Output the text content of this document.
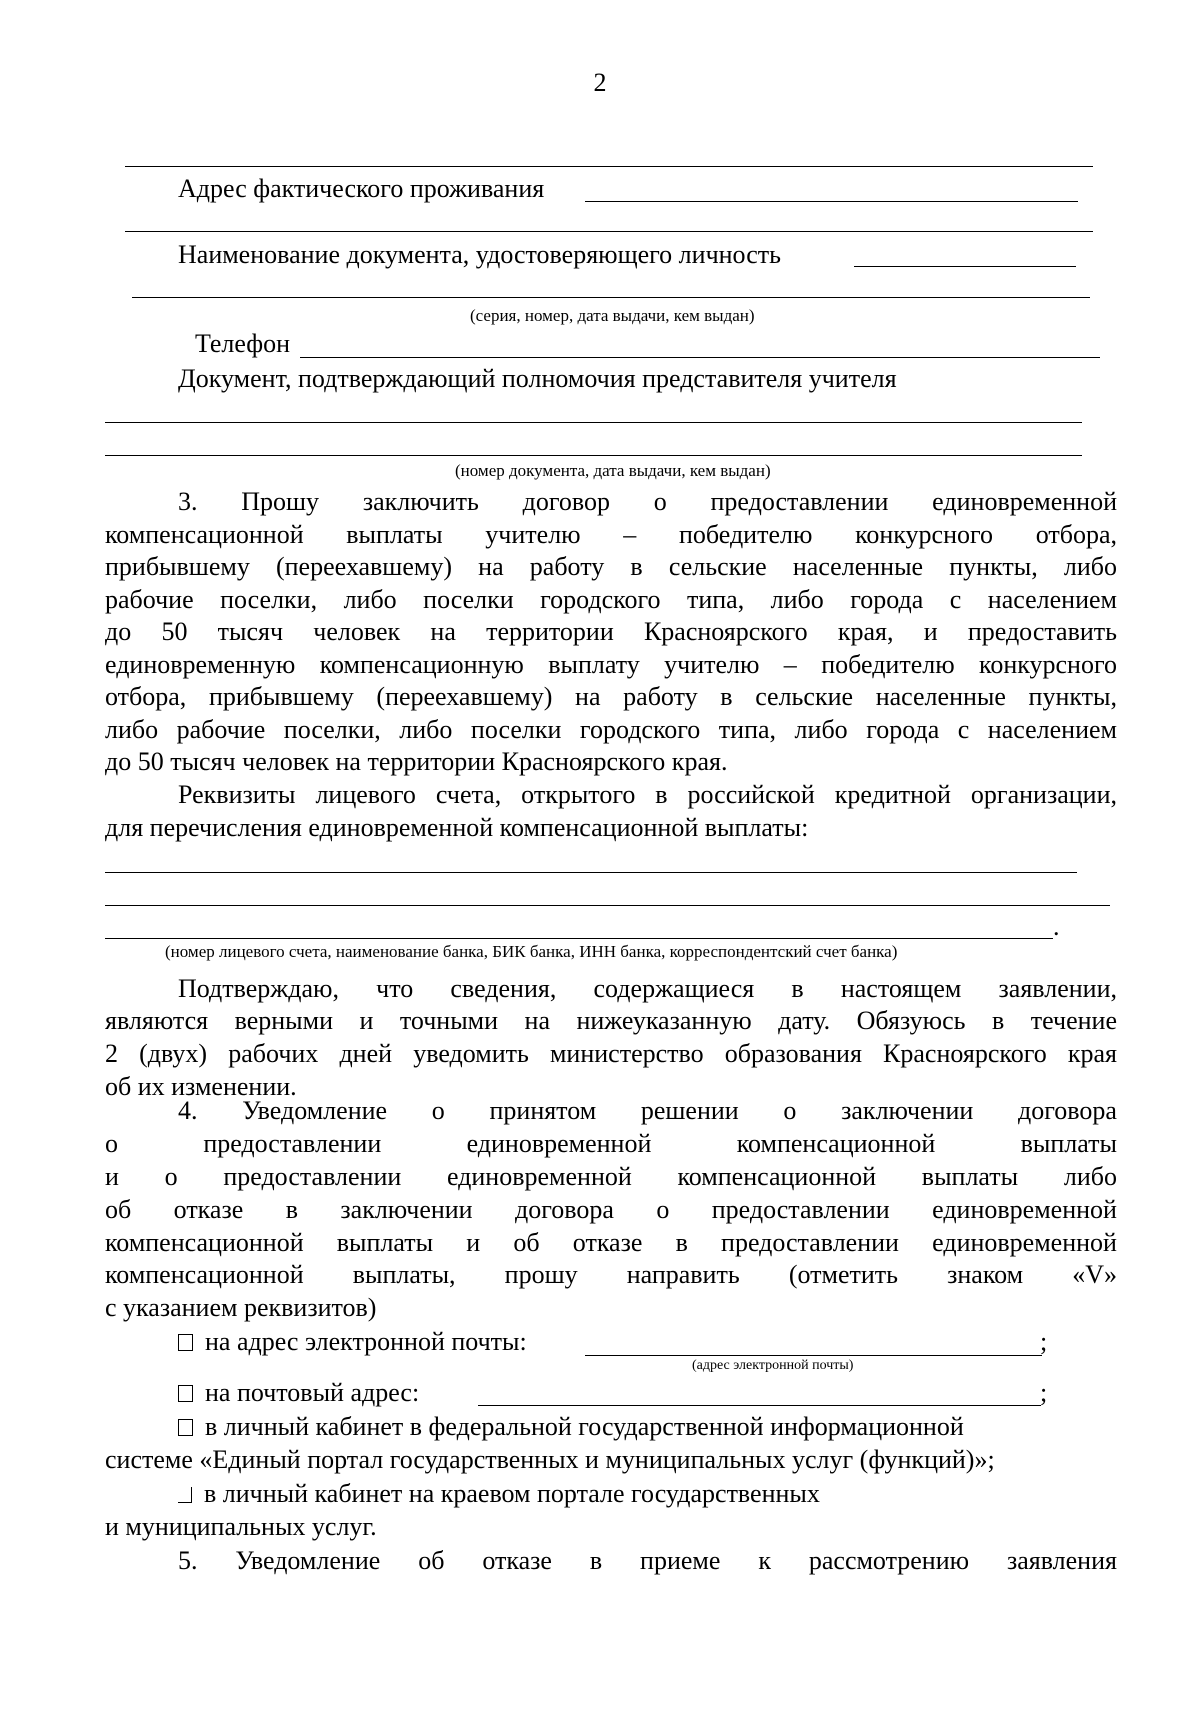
2
Адрес фактического проживания
Наименование документа, удостоверяющего личность
(серия, номер, дата выдачи, кем выдан)
Телефон
Документ, подтверждающий полномочия представителя учителя
(номер документа, дата выдачи, кем выдан)
3. Прошу заключить договор о предоставлении единовременной
компенсационной выплаты учителю – победителю конкурсного отбора,
прибывшему (переехавшему) на работу в сельские населенные пункты, либо
рабочие поселки, либо поселки городского типа, либо города с населением
до 50 тысяч человек на территории Красноярского края, и предоставить
единовременную компенсационную выплату учителю – победителю конкурсного
отбора, прибывшему (переехавшему) на работу в сельские населенные пункты,
либо рабочие поселки, либо поселки городского типа, либо города с населением
до 50 тысяч человек на территории Красноярского края.
Реквизиты лицевого счета, открытого в российской кредитной организации,
для перечисления единовременной компенсационной выплаты:
.
(номер лицевого счета, наименование банка, БИК банка, ИНН банка, корреспондентский счет банка)
Подтверждаю, что сведения, содержащиеся в настоящем заявлении,
являются верными и точными на нижеуказанную дату. Обязуюсь в течение
2 (двух) рабочих дней уведомить министерство образования Красноярского края
об их изменении.
4. Уведомление о принятом решении о заключении договора
о	предоставлении	единовременной	компенсационной	выплаты
и о предоставлении единовременной компенсационной выплаты либо
об отказе в заключении договора о предоставлении единовременной
компенсационной выплаты и об отказе в предоставлении единовременной
компенсационной выплаты, прошу направить (отметить знаком «V»
с указанием реквизитов)
на адрес электронной почты:	;
(адрес электронной почты)
на почтовый адрес:	;
в личный кабинет в федеральной государственной информационной
системе «Единый портал государственных и муниципальных услуг (функций)»;
в личный кабинет на краевом портале государственных
и муниципальных услуг.
5. Уведомление об отказе в приеме к рассмотрению заявления
